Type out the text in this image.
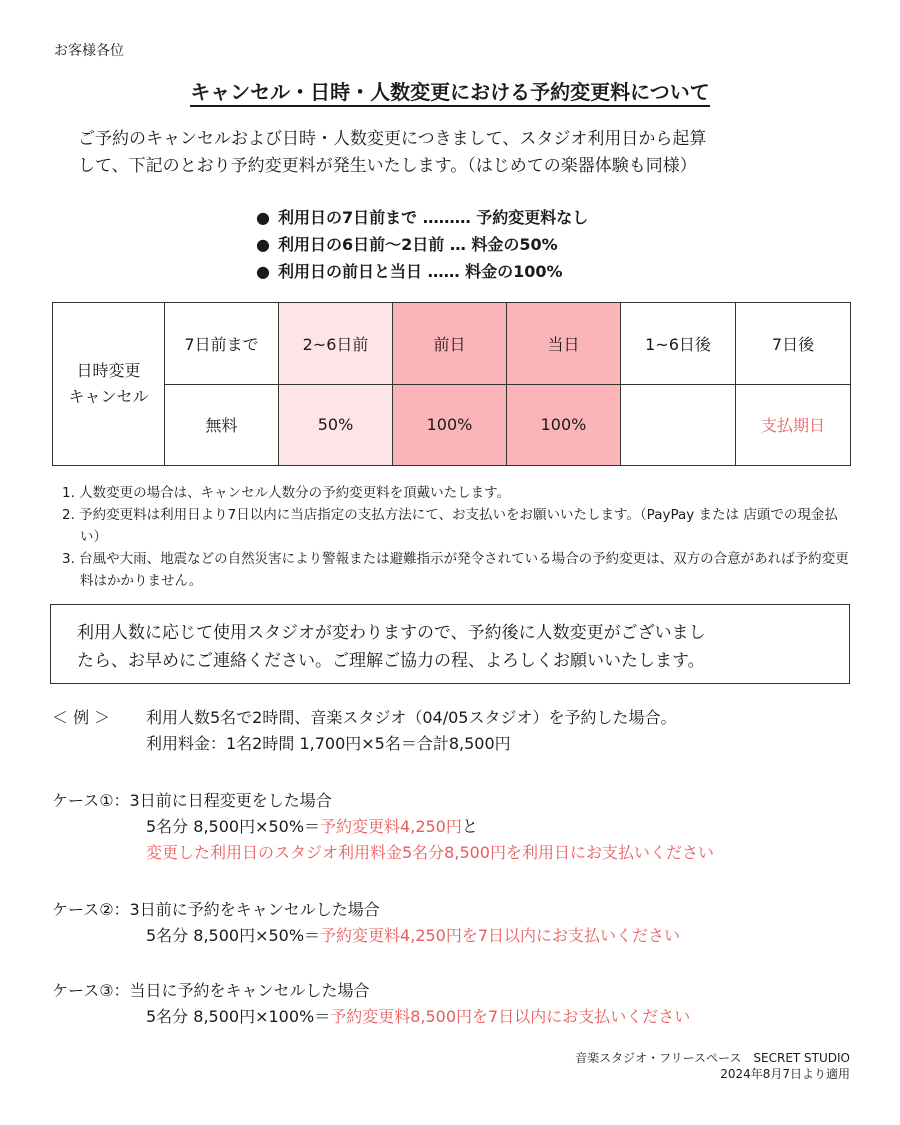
お客様各位
キャンセル・日時・人数変更における予約変更料について
ご予約のキャンセルおよび日時・人数変更につきまして、スタジオ利用日から起算
して、下記のとおり予約変更料が発生いたします。（はじめての楽器体験も同様）
● 利用日の7日前まで ……… 予約変更料なし
● 利用日の6日前〜2日前 … 料金の50%
● 利用日の前日と当日 …… 料金の100%
日時変更
キャンセル	7日前まで	2~6日前	前日	当日	1~6日後	7日後
	無料	50%	100%	100%		支払期日
1. 人数変更の場合は、キャンセル人数分の予約変更料を頂戴いたします。
2. 予約変更料は利用日より7日以内に当店指定の支払方法にて、お支払いをお願いいたします。（PayPay または 店頭での現金払い）
3. 台風や大雨、地震などの自然災害により警報または避難指示が発令されている場合の予約変更は、双方の合意があれば予約変更料はかかりません。
利用人数に応じて使用スタジオが変わりますので、予約後に人数変更がございまし
たら、お早めにご連絡ください。ご理解ご協力の程、よろしくお願いいたします。
＜ 例 ＞ 利用人数5名で2時間、音楽スタジオ（04/05スタジオ）を予約した場合。
利用料金：1名2時間 1,700円×5名＝合計8,500円
ケース①：3日前に日程変更をした場合
5名分 8,500円×50%＝予約変更料4,250円と
変更した利用日のスタジオ利用料金5名分8,500円を利用日にお支払いください
ケース②：3日前に予約をキャンセルした場合
5名分 8,500円×50%＝予約変更料4,250円を7日以内にお支払いください
ケース③：当日に予約をキャンセルした場合
5名分 8,500円×100%＝予約変更料8,500円を7日以内にお支払いください
音楽スタジオ・フリースペース　SECRET STUDIO
2024年8月7日より適用
